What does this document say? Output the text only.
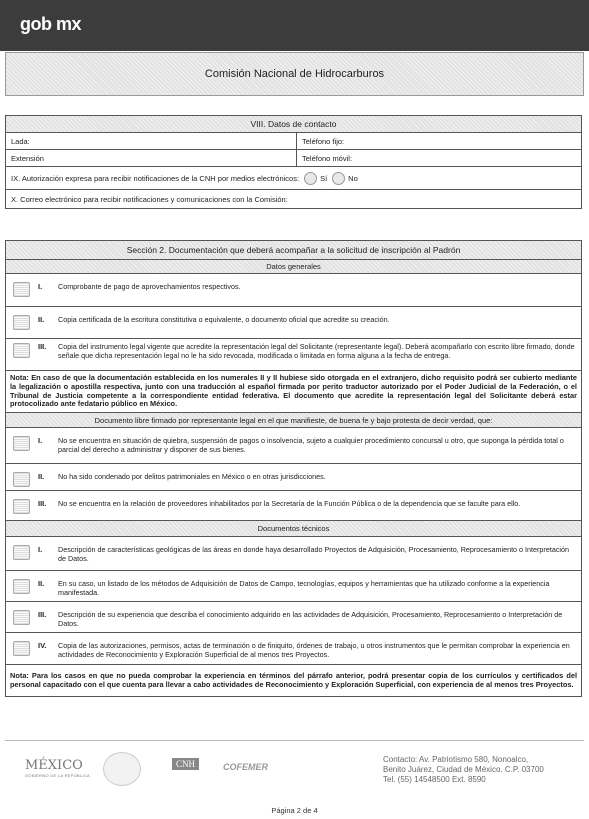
gob mx
Comisión Nacional de Hidrocarburos
VIII. Datos de contacto
Lada:	Teléfono fijo:
Extensión	Teléfono móvil:
IX. Autorización expresa para recibir notificaciones de la CNH por medios electrónicos:	Sí	No
X. Correo electrónico para recibir notificaciones y comunicaciones con la Comisión:
Sección 2. Documentación que deberá acompañar a la solicitud de inscripción al Padrón
Datos generales
I.	Comprobante de pago de aprovechamientos respectivos.
II.	Copia certificada de la escritura constitutiva o equivalente, o documento oficial que acredite su creación.
III.	Copia del instrumento legal vigente que acredite la representación legal del Solicitante (representante legal). Deberá acompañarlo con escrito libre firmado, donde señale que dicha representación legal no le ha sido revocada, modificada o limitada en forma alguna a la fecha de entrega.
Nota: En caso de que la documentación establecida en los numerales II y II hubiese sido otorgada en el extranjero, dicho requisito podrá ser cubierto mediante la legalización o apostilla respectiva, junto con una traducción al español firmada por perito traductor autorizado por el Poder Judicial de la Federación, o el Tribunal de Justicia competente a la correspondiente entidad federativa. El documento que acredite la representación legal del Solicitante deberá estar protocolizado ante fedatario público en México.
Documento libre firmado por representante legal en el que manifieste, de buena fe y bajo protesta de decir verdad, que:
I.	No se encuentra en situación de quiebra, suspensión de pagos o insolvencia, sujeto a cualquier procedimiento concursal u otro, que suponga la pérdida total o parcial del derecho a administrar y disponer de sus bienes.
II.	No ha sido condenado por delitos patrimoniales en México o en otras jurisdicciones.
III.	No se encuentra en la relación de proveedores inhabilitados por la Secretaría de la Función Pública o de la dependencia que se faculte para ello.
Documentos técnicos
I.	Descripción de características geológicas de las áreas en donde haya desarrollado Proyectos de Adquisición, Procesamiento, Reprocesamiento o Interpretación de Datos.
II.	En su caso, un listado de los métodos de Adquisición de Datos de Campo, tecnologías, equipos y herramientas que ha utilizado conforme a la experiencia manifestada.
III.	Descripción de su experiencia que describa el conocimiento adquirido en las actividades de Adquisición, Procesamiento, Reprocesamiento o Interpretación de Datos.
IV.	Copia de las autorizaciones, permisos, actas de terminación o de finiquito, órdenes de trabajo, u otros instrumentos que le permitan comprobar la experiencia en actividades de Reconocimiento y Exploración Superficial de al menos tres Proyectos.
Nota: Para los casos en que no pueda comprobar la experiencia en términos del párrafo anterior, podrá presentar copia de los currículos y certificados del personal capacitado con el que cuenta para llevar a cabo actividades de Reconocimiento y Exploración Superficial, con experiencia de al menos tres Proyectos.
MÉXICO
GOBIERNO DE LA REPÚBLICA
CNH	COFEMER
Contacto: Av. Patriotismo 580, Nonoalco,
Benito Juárez, Ciudad de México. C.P. 03700
Tel. (55) 14548500 Ext. 8590
Página 2 de 4
